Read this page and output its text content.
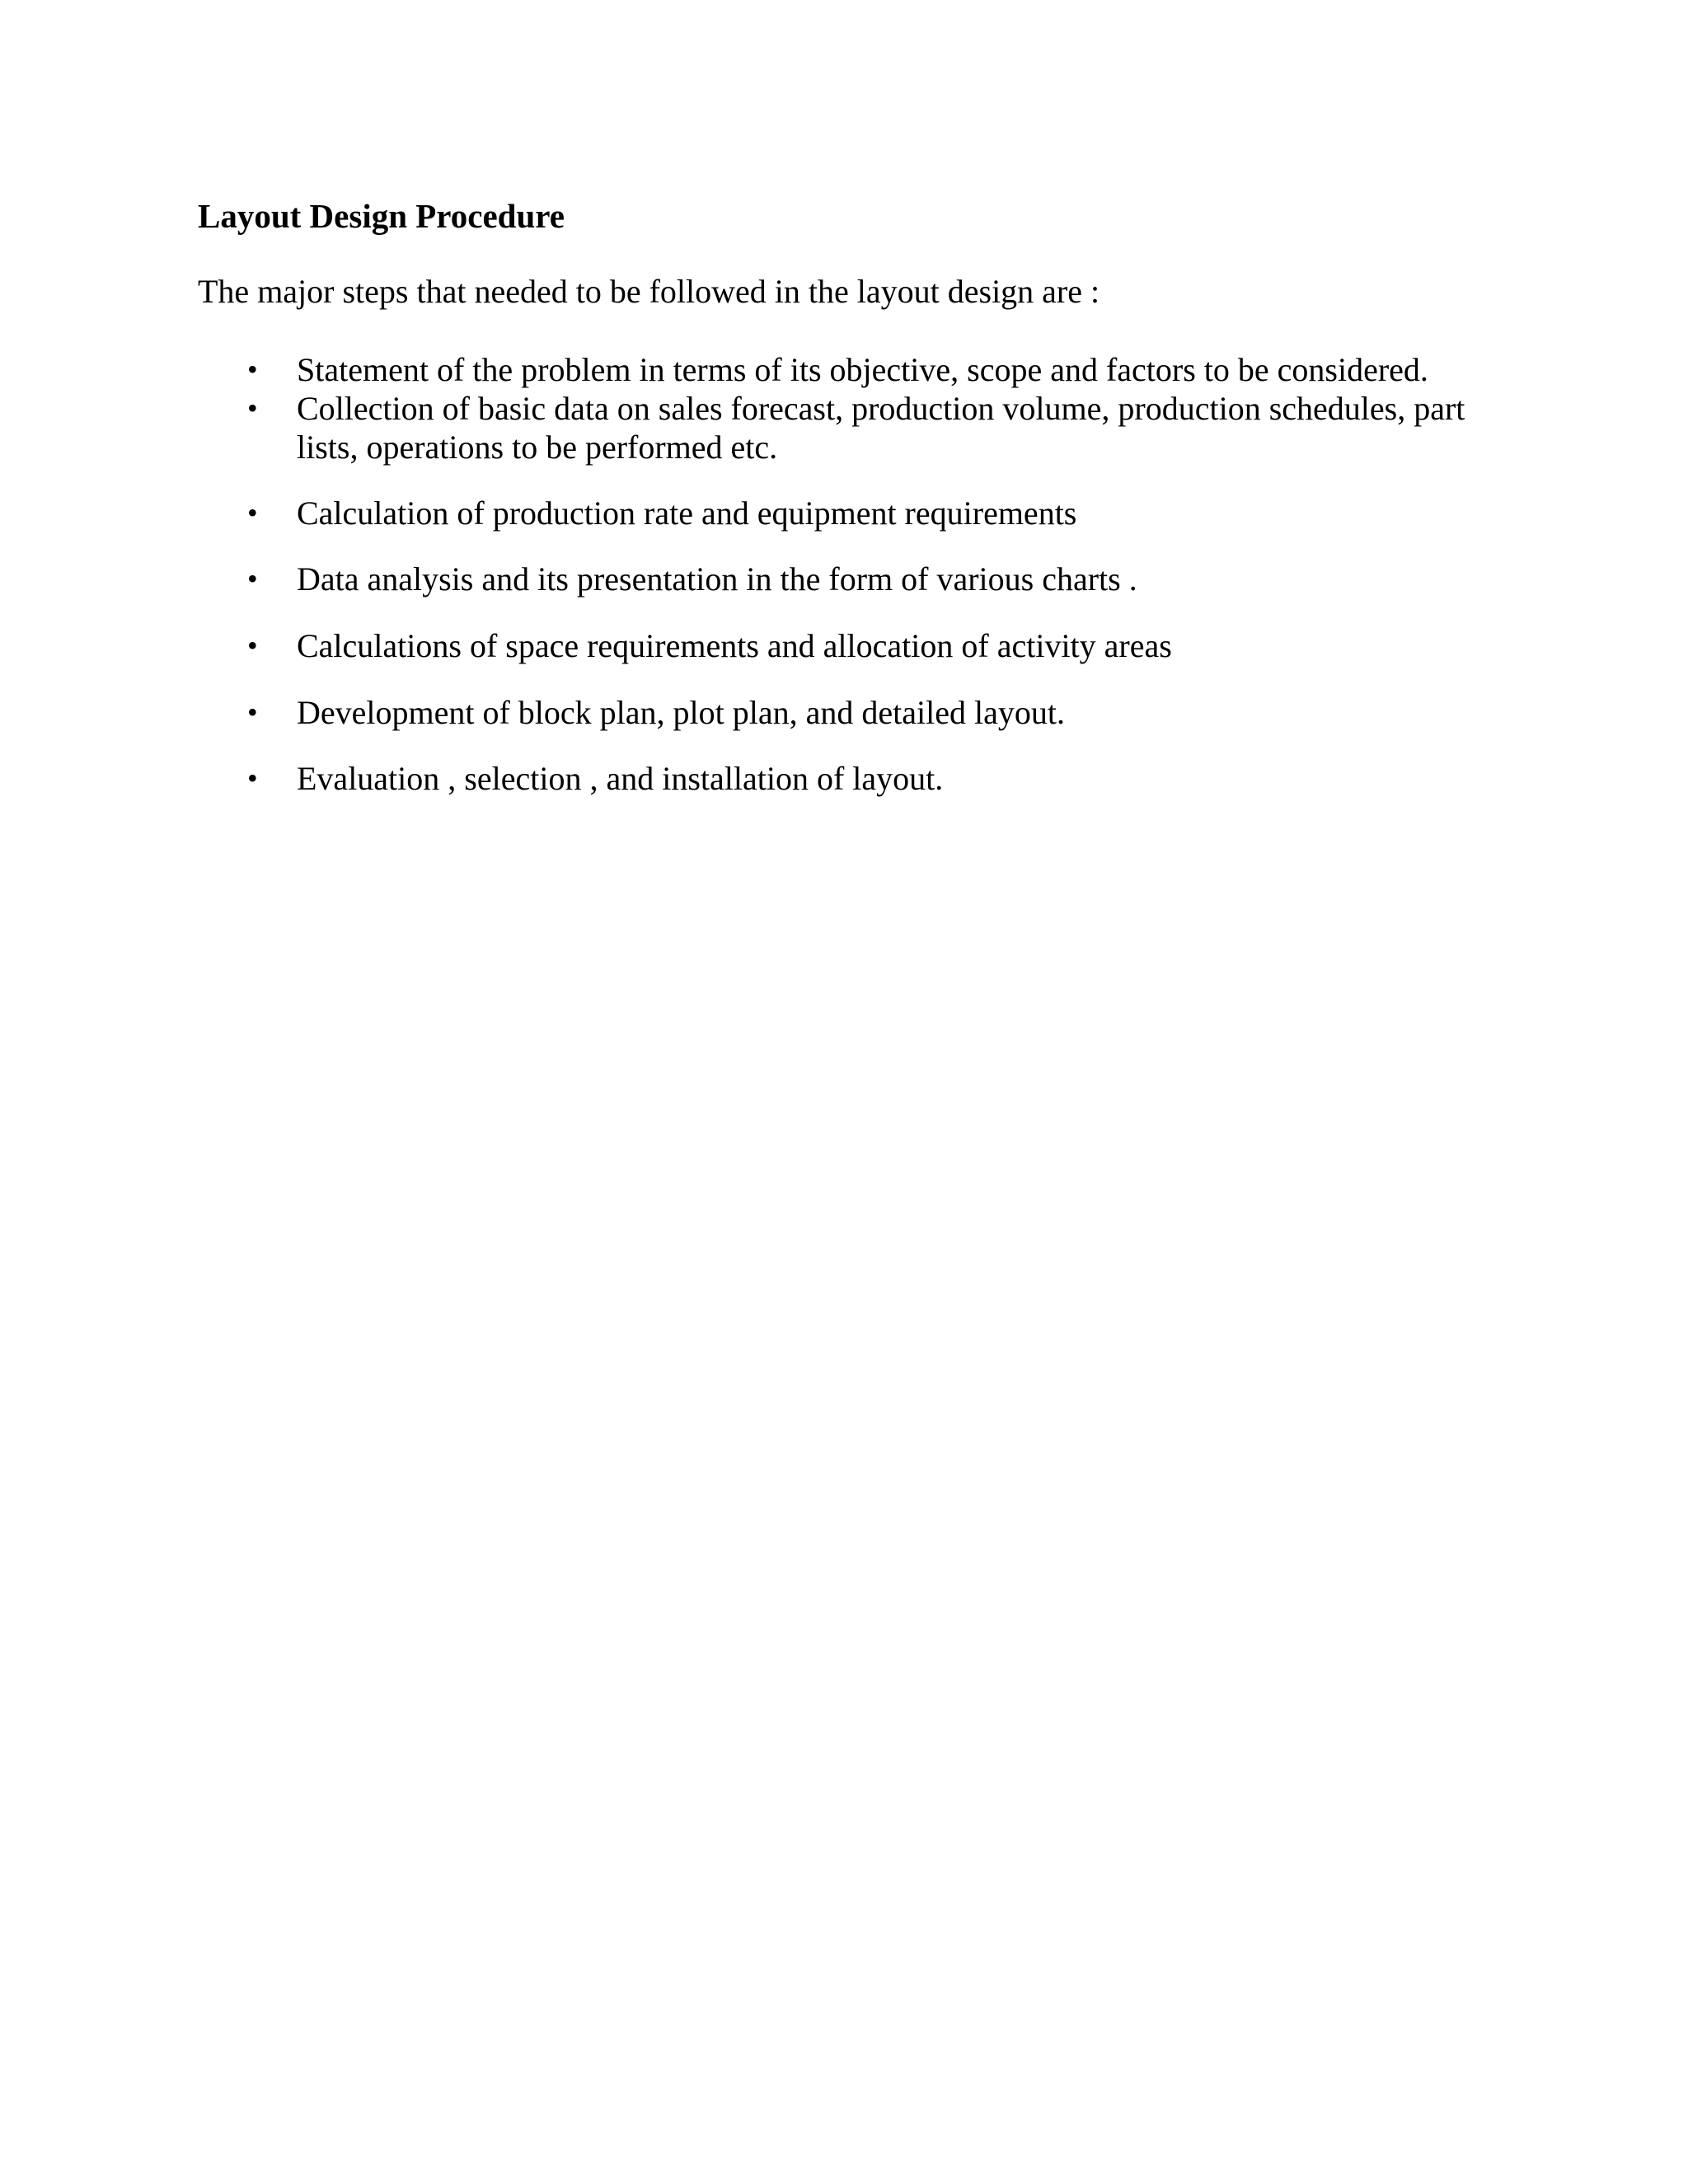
Layout Design Procedure

The major steps that needed to be followed in the layout design are :

•	Statement of the problem in terms of its objective, scope and factors to be considered.
•	Collection of basic data on sales forecast, production volume, production schedules, part lists, operations to be performed etc.
•	Calculation of production rate and equipment requirements
•	Data analysis and its presentation in the form of various charts .
•	Calculations of space requirements and allocation of activity areas
•	Development of block plan, plot plan, and detailed layout.
•	Evaluation , selection , and installation of layout.
